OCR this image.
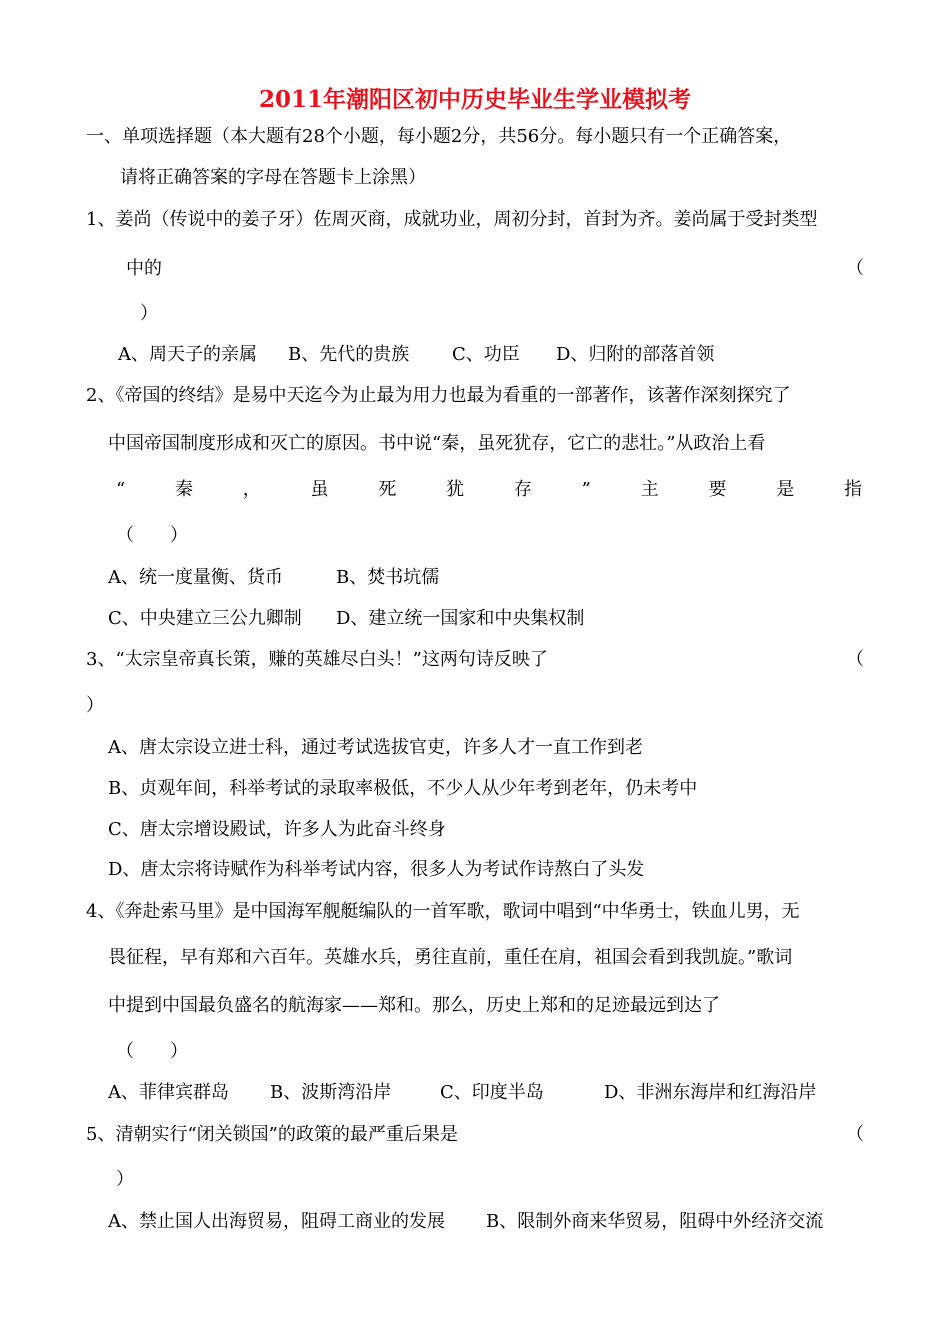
2011年潮阳区初中历史毕业生学业模拟考
一、单项选择题（本大题有28个小题，每小题2分，共56分。每小题只有一个正确答案，
请将正确答案的字母在答题卡上涂黑）
1、姜尚（传说中的姜子牙）佐周灭商，成就功业，周初分封，首封为齐。姜尚属于受封类型
中的	（
）
A、周天子的亲属 B、先代的贵族 C、功臣 D、归附的部落首领
2、《帝国的终结》是易中天迄今为止最为用力也最为看重的一部著作，该著作深刻探究了
中国帝国制度形成和灭亡的原因。书中说“秦，虽死犹存，它亡的悲壮。”从政治上看
“	秦	，	虽	死	犹	存	”	主	要	是	指
（　　）
A、统一度量衡、货币	B、焚书坑儒
C、中央建立三公九卿制 D、建立统一国家和中央集权制
3、“太宗皇帝真长策，赚的英雄尽白头！”这两句诗反映了	（
）
A、唐太宗设立进士科，通过考试选拔官吏，许多人才一直工作到老
B、贞观年间，科举考试的录取率极低，不少人从少年考到老年，仍未考中
C、唐太宗增设殿试，许多人为此奋斗终身
D、唐太宗将诗赋作为科举考试内容，很多人为考试作诗熬白了头发
4、《奔赴索马里》是中国海军舰艇编队的一首军歌，歌词中唱到“中华勇士，铁血儿男，无
畏征程，早有郑和六百年。英雄水兵，勇往直前，重任在肩，祖国会看到我凯旋。”歌词
中提到中国最负盛名的航海家——郑和。那么，历史上郑和的足迹最远到达了
（　　）
A、菲律宾群岛 B、波斯湾沿岸	C、印度半岛	D、非洲东海岸和红海沿岸
5、清朝实行“闭关锁国”的政策的最严重后果是	（
）
A、禁止国人出海贸易，阻碍工商业的发展 B、限制外商来华贸易，阻碍中外经济交流
